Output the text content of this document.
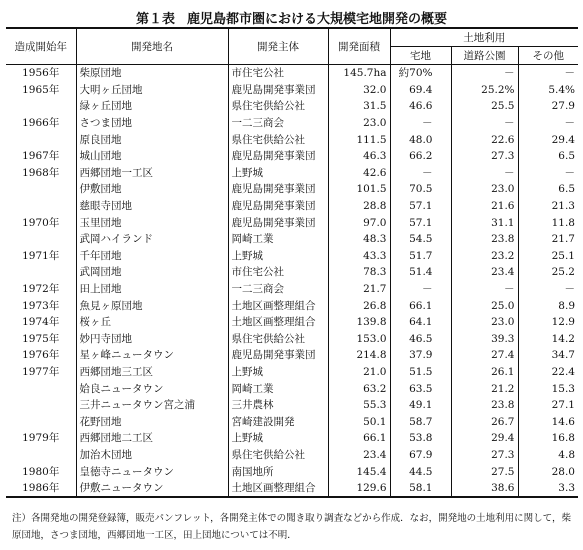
第１表 鹿児島都市圏における大規模宅地開発の概要
造成開始年	開発地名	開発主体	開発面積	土地利用		
				宅地	道路公園	その他
1956年	柴原団地	市住宅公社	145.7ha	約70%	－	－
1965年	大明ヶ丘団地	鹿児島開発事業団	32.0	69.4	25.2%	5.4%
	緑ヶ丘団地	県住宅供給公社	31.5	46.6	25.5	27.9
1966年	さつま団地	一二三商会	23.0	－	－	－
	原良団地	県住宅供給公社	111.5	48.0	22.6	29.4
1967年	城山団地	鹿児島開発事業団	46.3	66.2	27.3	6.5
1968年	西郷団地一工区	上野城	42.6	－	－	－
	伊敷団地	鹿児島開発事業団	101.5	70.5	23.0	6.5
	慈眼寺団地	鹿児島開発事業団	28.8	57.1	21.6	21.3
1970年	玉里団地	鹿児島開発事業団	97.0	57.1	31.1	11.8
	武岡ハイランド	岡崎工業	48.3	54.5	23.8	21.7
1971年	千年団地	上野城	43.3	51.7	23.2	25.1
	武岡団地	市住宅公社	78.3	51.4	23.4	25.2
1972年	田上団地	一二三商会	21.7	－	－	－
1973年	魚見ヶ原団地	土地区画整理組合	26.8	66.1	25.0	8.9
1974年	桜ヶ丘	土地区画整理組合	139.8	64.1	23.0	12.9
1975年	妙円寺団地	県住宅供給公社	153.0	46.5	39.3	14.2
1976年	星ヶ峰ニュータウン	鹿児島開発事業団	214.8	37.9	27.4	34.7
1977年	西郷団地三工区	上野城	21.0	51.5	26.1	22.4
	姶良ニュータウン	岡崎工業	63.2	63.5	21.2	15.3
	三井ニュータウン宮之浦	三井農林	55.3	49.1	23.8	27.1
	花野団地	宮崎建設開発	50.1	58.7	26.7	14.6
1979年	西郷団地二工区	上野城	66.1	53.8	29.4	16.8
	加治木団地	県住宅供給公社	23.4	67.9	27.3	4.8
1980年	皇徳寺ニュータウン	南国地所	145.4	44.5	27.5	28.0
1986年	伊敷ニュータウン	土地区画整理組合	129.6	58.1	38.6	3.3
注）各開発地の開発登録簿，販売パンフレット，各開発主体での聞き取り調査などから作成．なお，開発地の土地利用に関して，柴原団地，さつま団地，西郷団地一工区，田上団地については不明．
